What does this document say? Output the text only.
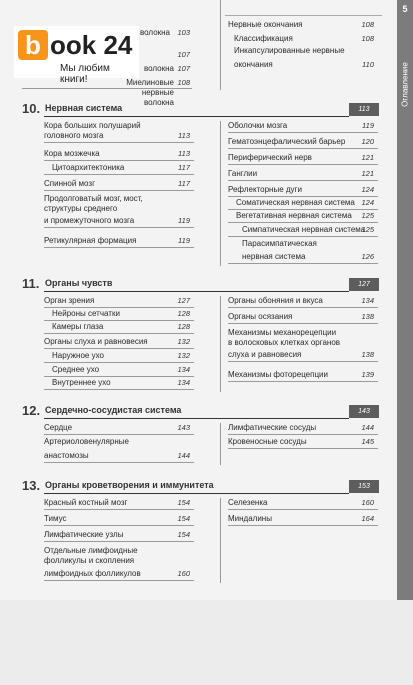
5
Оглавление
b ook 24
Мы любим книги!
волокна 103
107
волокна 107
Миелиновые нервные волокна
108
Нервные окончания	108
Классификация	108
Инкапсулированные нервные
окончания	110
10. Нервная система	113
Кора больших полушарий
головного мозга	113
Кора мозжечка	113
Цитоархитектоника	117
Спинной мозг	117
Продолговатый мозг, мост,
структуры среднего
и промежуточного мозга	119
Ретикулярная формация	119
Оболочки мозга	119
Гематоэнцефалический барьер	120
Периферический нерв	121
Ганглии	121
Рефлекторные дуги	124
Соматическая нервная система 124
Вегетативная нервная система	125
Симпатическая нервная система
125
Парасимпатическая
нервная система	126
11. Органы чувств	127
Орган зрения	127
Нейроны сетчатки	128
Камеры глаза	128
Органы слуха и равновесия	132
Наружное ухо	132
Среднее ухо	134
Внутреннее ухо	134
Органы обоняния и вкуса	134
Органы осязания	138
Механизмы механорецепции
в волосковых клетках органов
слуха и равновесия	138
Механизмы фоторецепции	139
12. Сердечно-сосудистая система	143
Сердце	143
Артериоловенулярные
анастомозы	144
Лимфатические сосуды	144
Кровеносные сосуды	145
13. Органы кроветворения и иммунитета	153
Красный костный мозг	154
Тимус	154
Лимфатические узлы	154
Отдельные лимфоидные
фолликулы и скопления
лимфоидных фолликулов	160
Селезенка	160
Миндалины	164
